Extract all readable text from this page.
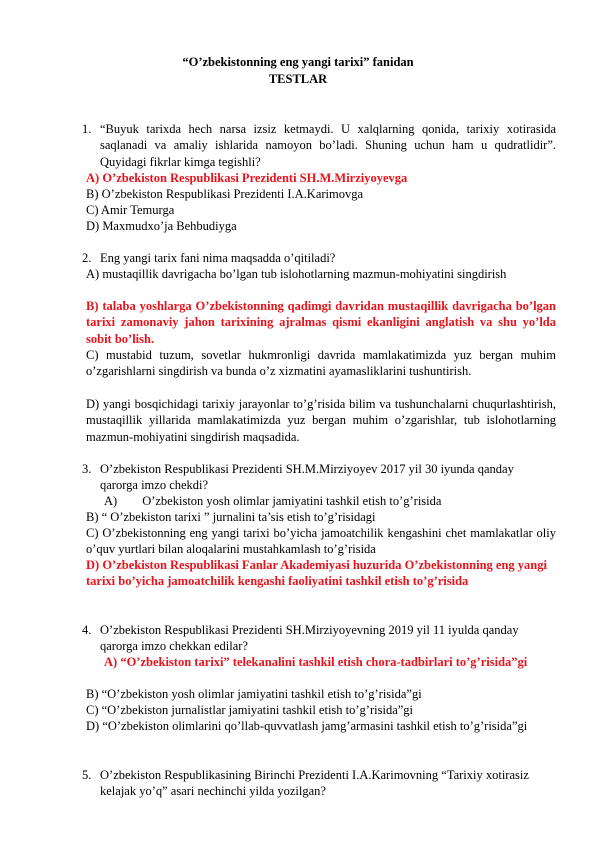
“O’zbekistonning eng yangi tarixi” fanidan
TESTLAR
1. “Buyuk tarixda hech narsa izsiz ketmaydi. U xalqlarning qonida, tarixiy xotirasida saqlanadi va amaliy ishlarida namoyon bo’ladi. Shuning uchun ham u qudratlidir”. Quyidagi fikrlar kimga tegishli?
A) O’zbekiston Respublikasi Prezidenti SH.M.Mirziyoyevga
B) O’zbekiston Respublikasi Prezidenti I.A.Karimovga
C) Amir Temurga
D) Maxmudxo’ja Behbudiyga
2. Eng yangi tarix fani nima maqsadda o’qitiladi?
A) mustaqillik davrigacha bo’lgan tub islohotlarning mazmun-mohiyatini singdirish
B) talaba yoshlarga O’zbekistonning qadimgi davridan mustaqillik davrigacha bo’lgan tarixi zamonaviy jahon tarixining ajralmas qismi ekanligini anglatish va shu yo’lda sobit bo’lish.
C) mustabid tuzum, sovetlar hukmronligi davrida mamlakatimizda yuz bergan muhim o’zgarishlarni singdirish va bunda o’z xizmatini ayamasliklarini tushuntirish.
D) yangi bosqichidagi tarixiy jarayonlar to’g’risida bilim va tushunchalarni chuqurlashtirish, mustaqillik yillarida mamlakatimizda yuz bergan muhim o’zgarishlar, tub islohotlarning mazmun-mohiyatini singdirish maqsadida.
3. O’zbekiston Respublikasi Prezidenti SH.M.Mirziyoyev 2017 yil 30 iyunda qanday qarorga imzo chekdi?
A)        O’zbekiston yosh olimlar jamiyatini tashkil etish to’g’risida
B) “ O’zbekiston tarixi ” jurnalini ta’sis etish to’g’risidagi
C) O’zbekistonning eng yangi tarixi bo’yicha jamoatchilik kengashini chet mamlakatlar oliy o’quv yurtlari bilan aloqalarini mustahkamlash to’g’risida
D) O’zbekiston Respublikasi Fanlar Akademiyasi huzurida O’zbekistonning eng yangi tarixi bo’yicha jamoatchilik kengashi faoliyatini tashkil etish to’g’risida
4. O’zbekiston Respublikasi Prezidenti SH.Mirziyoyevning 2019 yil 11 iyulda qanday qarorga imzo chekkan edilar?
A) “O’zbekiston tarixi” telekanalini tashkil etish chora-tadbirlari to’g’risida”gi
B) “O’zbekiston yosh olimlar jamiyatini tashkil etish to’g’risida”gi
C) “O’zbekiston jurnalistlar jamiyatini tashkil etish to’g’risida”gi
D) “O’zbekiston olimlarini qo’llab-quvvatlash jamg’armasini tashkil etish to’g’risida”gi
5. O’zbekiston Respublikasining Birinchi Prezidenti I.A.Karimovning “Tarixiy xotirasiz kelajak yo’q” asari nechinchi yilda yozilgan?
